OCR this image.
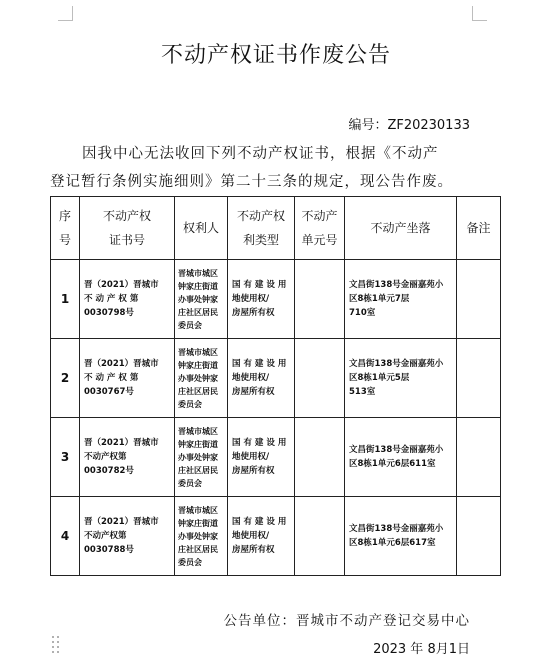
不动产权证书作废公告
编号：ZF20230133
因我中心无法收回下列不动产权证书，根据《不动产
登记暂行条例实施细则》第二十三条的规定，现公告作废。
序
号	不动产权
证书号	权利人	不动产权
利类型	不动产
单元号	不动产坐落	备注

1	晋（2021）晋城市
不 动 产 权 第
0030798号	晋城市城区
钟家庄街道
办事处钟家
庄社区居民
委员会	国 有 建 设 用
地使用权/
房屋所有权		文昌街138号金丽嘉苑小
区8栋1单元7层
710室	

2	晋（2021）晋城市
不 动 产 权 第
0030767号	晋城市城区
钟家庄街道
办事处钟家
庄社区居民
委员会	国 有 建 设 用
地使用权/
房屋所有权		文昌街138号金丽嘉苑小
区8栋1单元5层
513室	

3	晋（2021）晋城市
不动产权第
0030782号	晋城市城区
钟家庄街道
办事处钟家
庄社区居民
委员会	国 有 建 设 用
地使用权/
房屋所有权		文昌街138号金丽嘉苑小
区8栋1单元6层611室	

4	晋（2021）晋城市
不动产权第
0030788号	晋城市城区
钟家庄街道
办事处钟家
庄社区居民
委员会	国 有 建 设 用
地使用权/
房屋所有权		文昌街138号金丽嘉苑小
区8栋1单元6层617室	

公告单位：晋城市不动产登记交易中心
2023 年 8月1日
